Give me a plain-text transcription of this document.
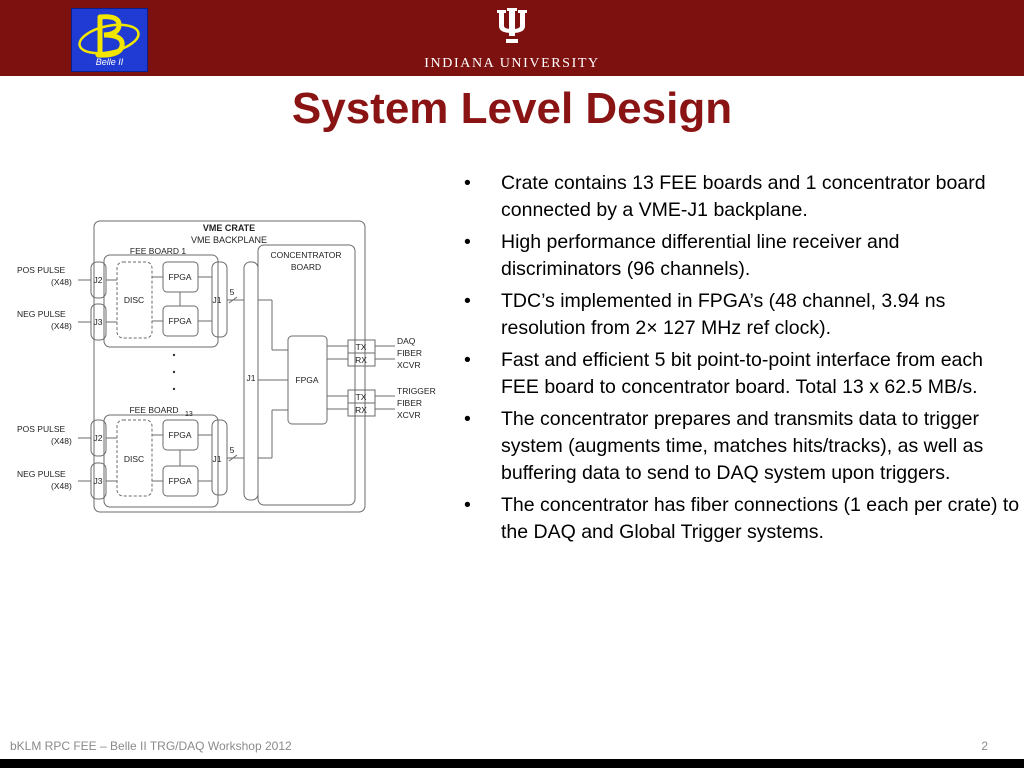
Belle II	INDIANA UNIVERSITY
System Level Design
VME CRATE
VME BACKPLANE
FEE BOARD 1
FEE BOARD 13
CONCENTRATOR
BOARD
POS PULSE
(X48)
NEG PULSE
(X48)
POS PULSE
(X48)
NEG PULSE
(X48)
J2
J3
DISC
FPGA
FPGA
J1
5
J2
J3
DISC
FPGA
FPGA
J1
5
J1	FPGA
TX
RX
TX
RX
DAQ
FIBER
XCVR
TRIGGER
FIBER
XCVR
• Crate contains 13 FEE boards and 1 concentrator board connected by a VME-J1 backplane.
• High performance differential line receiver and discriminators (96 channels).
• TDC’s implemented in FPGA’s (48 channel, 3.94 ns resolution from 2× 127 MHz ref clock).
• Fast and efficient 5 bit point-to-point interface from each FEE board to concentrator board. Total 13 x 62.5 MB/s.
• The concentrator prepares and transmits data to trigger system (augments time, matches hits/tracks), as well as buffering data to send to DAQ system upon triggers.
• The concentrator has fiber connections (1 each per crate) to the DAQ and Global Trigger systems.
bKLM RPC FEE – Belle II TRG/DAQ Workshop 2012	2
